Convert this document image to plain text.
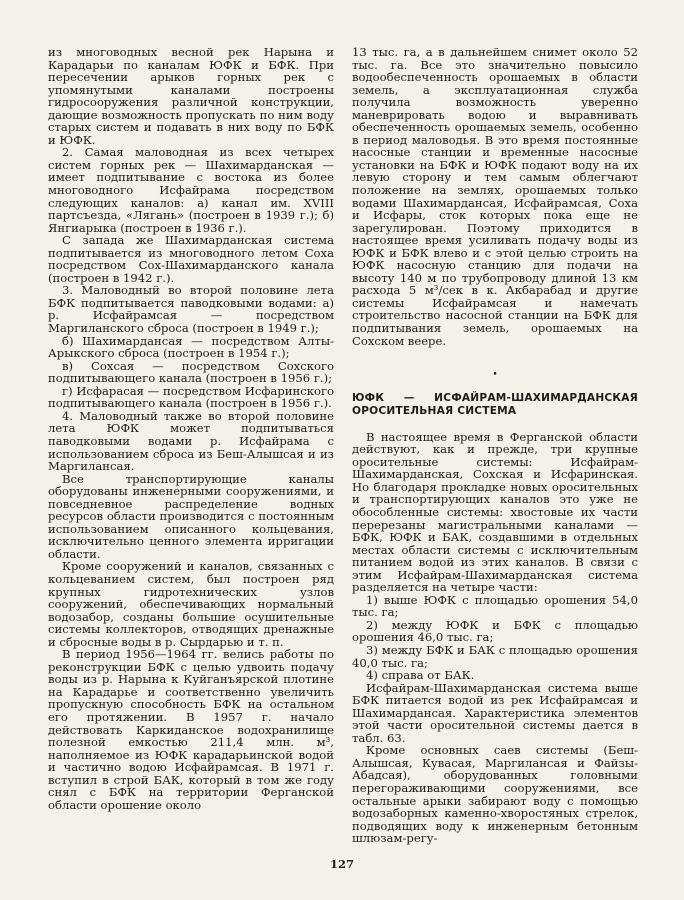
из многоводных весной рек Нарына и Карадарьи по каналам ЮФК и БФК. При пересечении арыков горных рек с упомянутыми каналами построены гидросооружения различной конструкции, дающие возможность пропускать по ним воду старых систем и подавать в них воду по БФК и ЮФК.

2. Самая маловодная из всех четырех систем горных рек — Шахимарданская — имеет подпитывание с востока из более многоводного Исфайрама посредством следующих каналов: а) канал им. XVIII партсъезда, «Лягань» (построен в 1939 г.); б) Янгиарыка (построен в 1936 г.).

С запада же Шахимарданская система подпитывается из многоводного летом Соха посредством Сох-Шахимарданского канала (построен в 1942 г.).

3. Маловодный во второй половине лета БФК подпитывается паводковыми водами: а) р. Исфайрамсая — посредством Маргиланского сброса (построен в 1949 г.);

б) Шахимардансая — посредством Алты-Арыкского сброса (построен в 1954 г.);

в) Сохсая — посредством Сохского подпитывающего канала (построен в 1956 г.);

г) Исфарасая — посредством Исфаринского подпитывающего канала (построен в 1956 г.).

4. Маловодный также во второй половине лета ЮФК может подпитываться паводковыми водами р. Исфайрама с использованием сброса из Беш-Алышсая и из Маргилансая.

Все транспортирующие каналы оборудованы инженерными сооружениями, и повседневное распределение водных ресурсов области производится с постоянным использованием описанного кольцевания, исключительно ценного элемента ирригации области.

Кроме сооружений и каналов, связанных с кольцеванием систем, был построен ряд крупных гидротехнических узлов сооружений, обеспечивающих нормальный водозабор, созданы большие осушительные системы коллекторов, отводящих дренажные и сбросные воды в р. Сырдарью и т. п.

В период 1956—1964 гг. велись работы по реконструкции БФК с целью удвоить подачу воды из р. Нарына к Куйганъярской плотине на Карадарье и соответственно увеличить пропускную способность БФК на остальном его протяжении. В 1957 г. начало действовать Каркиданское водохранилище полезной емкостью 211,4 млн. м³, наполняемое из ЮФК карадарьинской водой и частично водою Исфайрамсая. В 1971 г. вступил в строй БАК, который в том же году снял с БФК на территории Ферганской области орошение около

13 тыс. га, а в дальнейшем снимет около 52 тыс. га. Все это значительно повысило водообеспеченность орошаемых в области земель, а эксплуатационная служба получила возможность уверенно маневрировать водою и выравнивать обеспеченность орошаемых земель, особенно в период маловодья. В это время постоянные насосные станции и временные насосные установки на БФК и ЮФК подают воду на их левую сторону и тем самым облегчают положение на землях, орошаемых только водами Шахимардансая, Исфайрамсая, Соха и Исфары, сток которых пока еще не зарегулирован. Поэтому приходится в настоящее время усиливать подачу воды из ЮФК и БФК влево и с этой целью строить на ЮФК насосную станцию для подачи на высоту 140 м по трубопроводу длиной 13 км расхода 5 м³/сек в к. Акбарабад и другие системы Исфайрамсая и намечать строительство насосной станции на БФК для подпитывания земель, орошаемых на Сохском веере.

•
ЮФК — ИСФАЙРАМ-ШАХИМАРДАНСКАЯ ОРОСИТЕЛЬНАЯ СИСТЕМА

В настоящее время в Ферганской области действуют, как и прежде, три крупные оросительные системы: Исфайрам-Шахимарданская, Сохская и Исфаринская. Но благодаря прокладке новых оросительных и транспортирующих каналов это уже не обособленные системы: хвостовые их части перерезаны магистральными каналами — БФК, ЮФК и БАК, создавшими в отдельных местах области системы с исключительным питанием водой из этих каналов. В связи с этим Исфайрам-Шахимарданская система разделяется на четыре части:

1) выше ЮФК с площадью орошения 54,0 тыс. га;

2) между ЮФК и БФК с площадью орошения 46,0 тыс. га;

3) между БФК и БАК с площадью орошения 40,0 тыс. га;

4) справа от БАК.

Исфайрам-Шахимарданская система выше БФК питается водой из рек Исфайрамсая и Шахимардансая. Характеристика элементов этой части оросительной системы дается в табл. 63.

Кроме основных саев системы (Беш-Алышсая, Кувасая, Маргилансая и Файзы-Абадсая), оборудованных головными перегораживающими сооружениями, все остальные арыки забирают воду с помощью водозаборных каменно-хворостяных стрелок, подводящих воду к инженерным бетонным шлюзам-регу-

127
